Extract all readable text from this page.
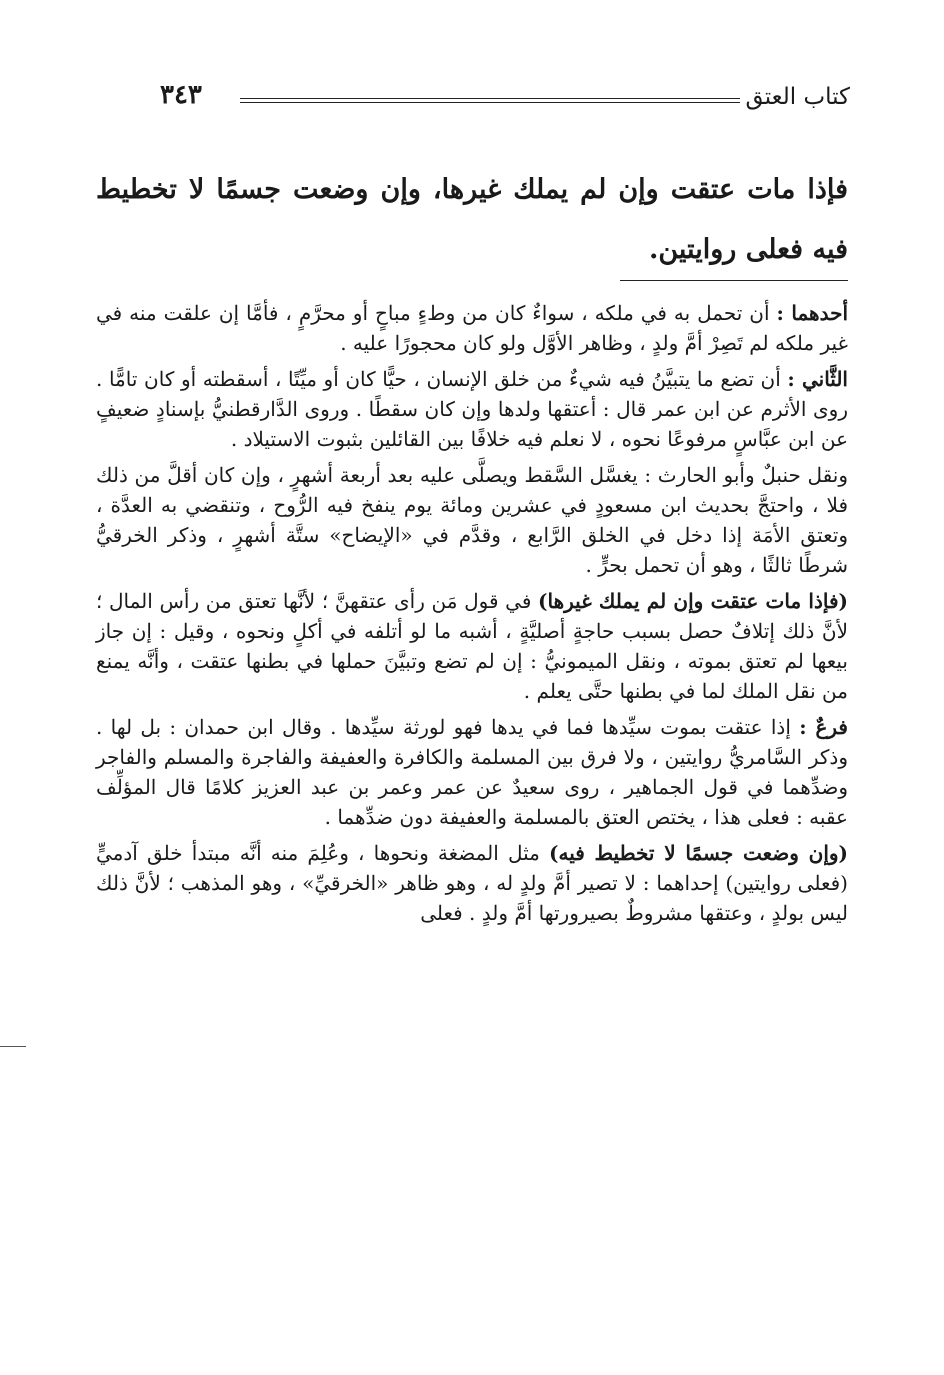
كتاب العتق
٣٤٣
فإذا مات عتقت وإن لم يملك غيرها، وإن وضعت جسمًا لا تخطيط فيه فعلى روايتين.

أحدهما : أن تحمل به في ملكه ، سواءٌ كان من وطءٍ مباحٍ أو محرَّمٍ ، فأمَّا إن علقت منه في غير ملكه لم تَصِرْ أمَّ ولدٍ ، وظاهر الأوَّل ولو كان محجورًا عليه .

الثَّاني : أن تضع ما يتبيَّنُ فيه شيءٌ من خلق الإنسان ، حيًّا كان أو ميِّتًا ، أسقطته أو كان تامًّا . روى الأثرم عن ابن عمر قال : أعتقها ولدها وإن كان سقطًا . وروى الدَّارقطنيُّ بإسنادٍ ضعيفٍ عن ابن عبَّاسٍ مرفوعًا نحوه ، لا نعلم فيه خلافًا بين القائلين بثبوت الاستيلاد .

ونقل حنبلٌ وأبو الحارث : يغسَّل السَّقط ويصلَّى عليه بعد أربعة أشهرٍ ، وإن كان أقلَّ من ذلك فلا ، واحتجَّ بحديث ابن مسعودٍ في عشرين ومائة يوم ينفخ فيه الرُّوح ، وتنقضي به العدَّة ، وتعتق الأمَة إذا دخل في الخلق الرَّابع ، وقدَّم في «الإيضاح» ستَّة أشهرٍ ، وذكر الخرقيُّ شرطًا ثالثًا ، وهو أن تحمل بحرٍّ .

(فإذا مات عتقت وإن لم يملك غيرها) في قول مَن رأى عتقهنَّ ؛ لأنَّها تعتق من رأس المال ؛ لأنَّ ذلك إتلافٌ حصل بسبب حاجةٍ أصليَّةٍ ، أشبه ما لو أتلفه في أكلٍ ونحوه ، وقيل : إن جاز بيعها لم تعتق بموته ، ونقل الميمونيُّ : إن لم تضع وتبيَّنَ حملها في بطنها عتقت ، وأنَّه يمنع من نقل الملك لما في بطنها حتَّى يعلم .

فرعٌ : إذا عتقت بموت سيِّدها فما في يدها فهو لورثة سيِّدها . وقال ابن حمدان : بل لها . وذكر السَّامريُّ روايتين ، ولا فرق بين المسلمة والكافرة والعفيفة والفاجرة والمسلم والفاجر وضدِّهما في قول الجماهير ، روى سعيدٌ عن عمر وعمر بن عبد العزيز كلامًا قال المؤلِّف عقبه : فعلى هذا ، يختص العتق بالمسلمة والعفيفة دون ضدِّهما .

(وإن وضعت جسمًا لا تخطيط فيه) مثل المضغة ونحوها ، وعُلِمَ منه أنَّه مبتدأ خلق آدميٍّ (فعلى روايتين) إحداهما : لا تصير أمَّ ولدٍ له ، وهو ظاهر «الخرقيِّ» ، وهو المذهب ؛ لأنَّ ذلك ليس بولدٍ ، وعتقها مشروطٌ بصيرورتها أمَّ ولدٍ . فعلى
